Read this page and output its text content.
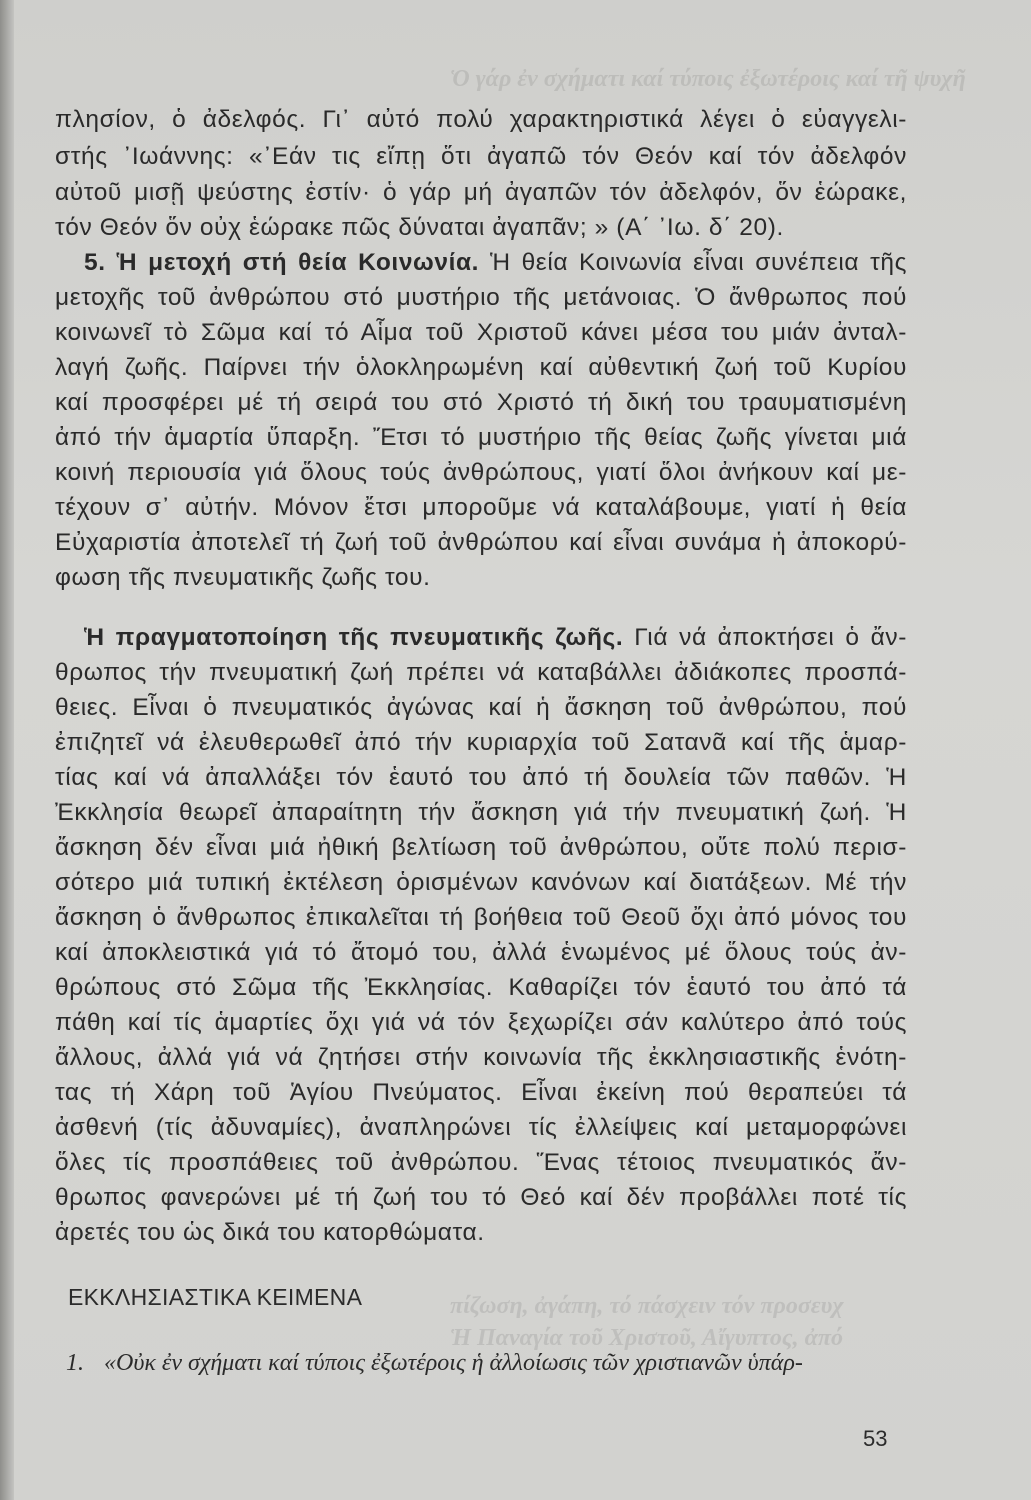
Ὁ γάρ ἐν σχήματι καί τύποις ἐξωτέροις καί τῆ ψυχῆ
πίζωση, ἀγάπη, τό πάσχειν τόν προσευχ
Ἡ Παναγία τοῦ Χριστοῦ, Αἴγυπτος, ἀπό
πλησίον, ὁ ἀδελφός. Γι᾽ αὐτό πολύ χαρακτηριστικά λέγει ὁ εὐαγγελι-
στής ᾽Ιωάννης: «᾽Εάν τις εἴπῃ ὅτι ἀγαπῶ τόν Θεόν καί τόν ἀδελφόν
αὐτοῦ μισῇ ψεύστης ἐστίν· ὁ γάρ μή ἀγαπῶν τόν ἀδελφόν, ὅν ἑώρακε,
τόν Θεόν ὅν οὐχ ἑώρακε πῶς δύναται ἀγαπᾶν; » (Α΄ ᾽Ιω. δ΄ 20).
5. Ἡ μετοχή στή θεία Κοινωνία. Ἡ θεία Κοινωνία εἶναι συνέπεια τῆς
μετοχῆς τοῦ ἀνθρώπου στό μυστήριο τῆς μετάνοιας. Ὁ ἄνθρωπος πού
κοινωνεῖ τὸ Σῶμα καί τό Αἷμα τοῦ Χριστοῦ κάνει μέσα του μιάν ἀνταλ-
λαγή ζωῆς. Παίρνει τήν ὁλοκληρωμένη καί αὐθεντική ζωή τοῦ Κυρίου
καί προσφέρει μέ τή σειρά του στό Χριστό τή δική του τραυματισμένη
ἀπό τήν ἁμαρτία ὕπαρξη. Ἔτσι τό μυστήριο τῆς θείας ζωῆς γίνεται μιά
κοινή περιουσία γιά ὅλους τούς ἀνθρώπους, γιατί ὅλοι ἀνήκουν καί με-
τέχουν σ᾽ αὐτήν. Μόνον ἔτσι μποροῦμε νά καταλάβουμε, γιατί ἡ θεία
Εὐχαριστία ἀποτελεῖ τή ζωή τοῦ ἀνθρώπου καί εἶναι συνάμα ἡ ἀποκορύ-
φωση τῆς πνευματικῆς ζωῆς του.
Ἡ πραγματοποίηση τῆς πνευματικῆς ζωῆς. Γιά νά ἀποκτήσει ὁ ἄν-
θρωπος τήν πνευματική ζωή πρέπει νά καταβάλλει ἀδιάκοπες προσπά-
θειες. Εἶναι ὁ πνευματικός ἀγώνας καί ἡ ἄσκηση τοῦ ἀνθρώπου, πού
ἐπιζητεῖ νά ἐλευθερωθεῖ ἀπό τήν κυριαρχία τοῦ Σατανᾶ καί τῆς ἁμαρ-
τίας καί νά ἀπαλλάξει τόν ἑαυτό του ἀπό τή δουλεία τῶν παθῶν. Ἡ
Ἐκκλησία θεωρεῖ ἀπαραίτητη τήν ἄσκηση γιά τήν πνευματική ζωή. Ἡ
ἄσκηση δέν εἶναι μιά ἠθική βελτίωση τοῦ ἀνθρώπου, οὔτε πολύ περισ-
σότερο μιά τυπική ἐκτέλεση ὁρισμένων κανόνων καί διατάξεων. Μέ τήν
ἄσκηση ὁ ἄνθρωπος ἐπικαλεῖται τή βοήθεια τοῦ Θεοῦ ὄχι ἀπό μόνος του
καί ἀποκλειστικά γιά τό ἄτομό του, ἀλλά ἑνωμένος μέ ὅλους τούς ἀν-
θρώπους στό Σῶμα τῆς Ἐκκλησίας. Καθαρίζει τόν ἑαυτό του ἀπό τά
πάθη καί τίς ἁμαρτίες ὄχι γιά νά τόν ξεχωρίζει σάν καλύτερο ἀπό τούς
ἄλλους, ἀλλά γιά νά ζητήσει στήν κοινωνία τῆς ἐκκλησιαστικῆς ἑνότη-
τας τή Χάρη τοῦ Ἁγίου Πνεύματος. Εἶναι ἐκείνη πού θεραπεύει τά
ἀσθενή (τίς ἀδυναμίες), ἀναπληρώνει τίς ἐλλείψεις καί μεταμορφώνει
ὅλες τίς προσπάθειες τοῦ ἀνθρώπου. Ἕνας τέτοιος πνευματικός ἄν-
θρωπος φανερώνει μέ τή ζωή του τό Θεό καί δέν προβάλλει ποτέ τίς
ἀρετές του ὡς δικά του κατορθώματα.
ΕΚΚΛΗΣΙΑΣΤΙΚΑ ΚΕΙΜΕΝΑ
1. «Οὐκ ἐν σχήματι καί τύποις ἐξωτέροις ἡ ἀλλοίωσις τῶν χριστιανῶν ὑπάρ-
53
